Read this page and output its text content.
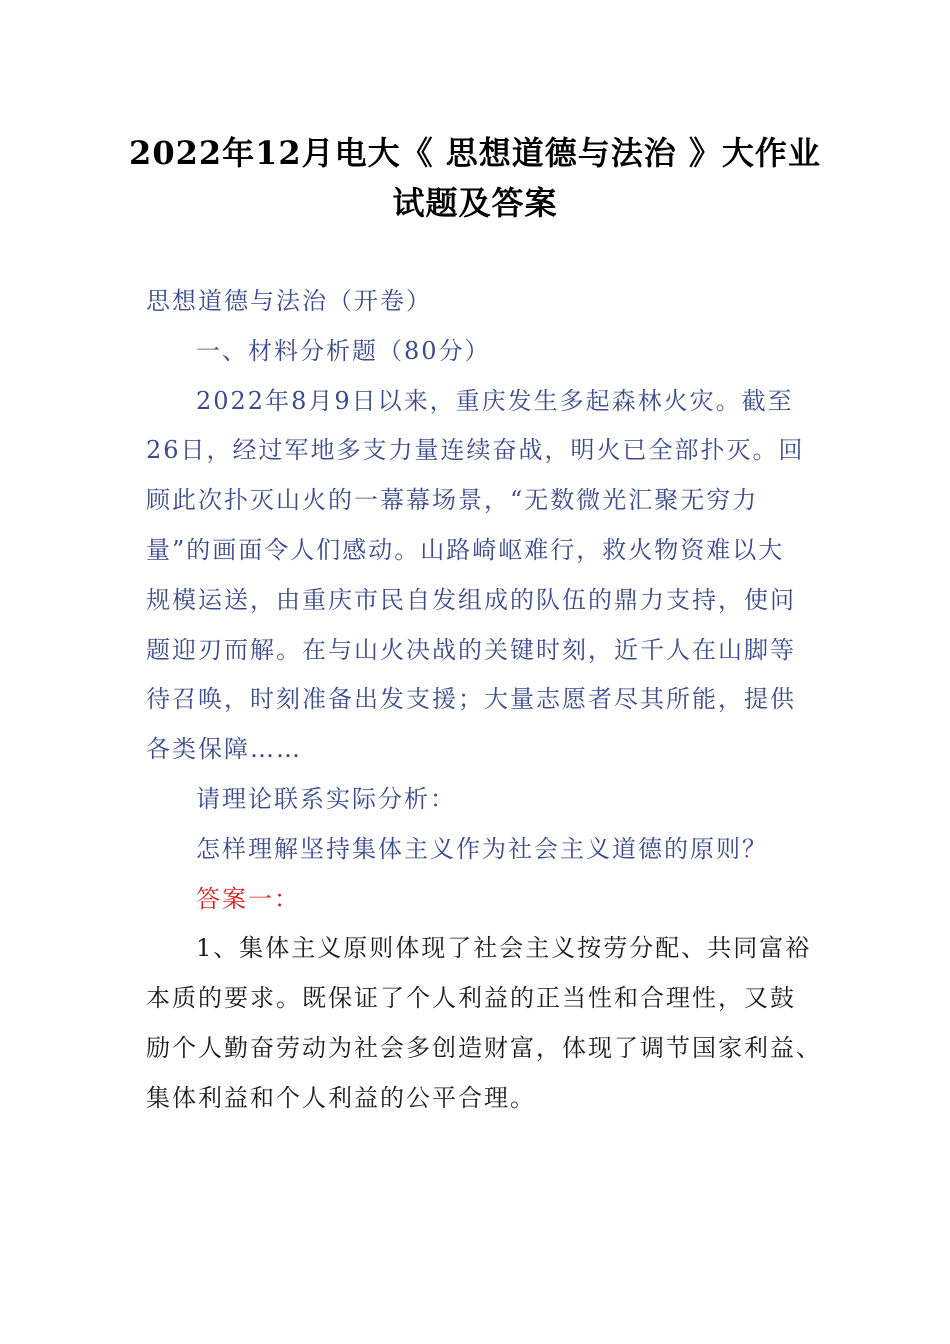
2022年12月电大《 思想道德与法治 》大作业
试题及答案
思想道德与法治（开卷）
一、材料分析题（80分）
2022年8月9日以来，重庆发生多起森林火灾。截至
26日，经过军地多支力量连续奋战，明火已全部扑灭。回
顾此次扑灭山火的一幕幕场景，“无数微光汇聚无穷力
量”的画面令人们感动。山路崎岖难行，救火物资难以大
规模运送，由重庆市民自发组成的队伍的鼎力支持，使问
题迎刃而解。在与山火决战的关键时刻，近千人在山脚等
待召唤，时刻准备出发支援；大量志愿者尽其所能，提供
各类保障……
请理论联系实际分析：
怎样理解坚持集体主义作为社会主义道德的原则？
答案一：
1、集体主义原则体现了社会主义按劳分配、共同富裕
本质的要求。既保证了个人利益的正当性和合理性，又鼓
励个人勤奋劳动为社会多创造财富，体现了调节国家利益、
集体利益和个人利益的公平合理。
